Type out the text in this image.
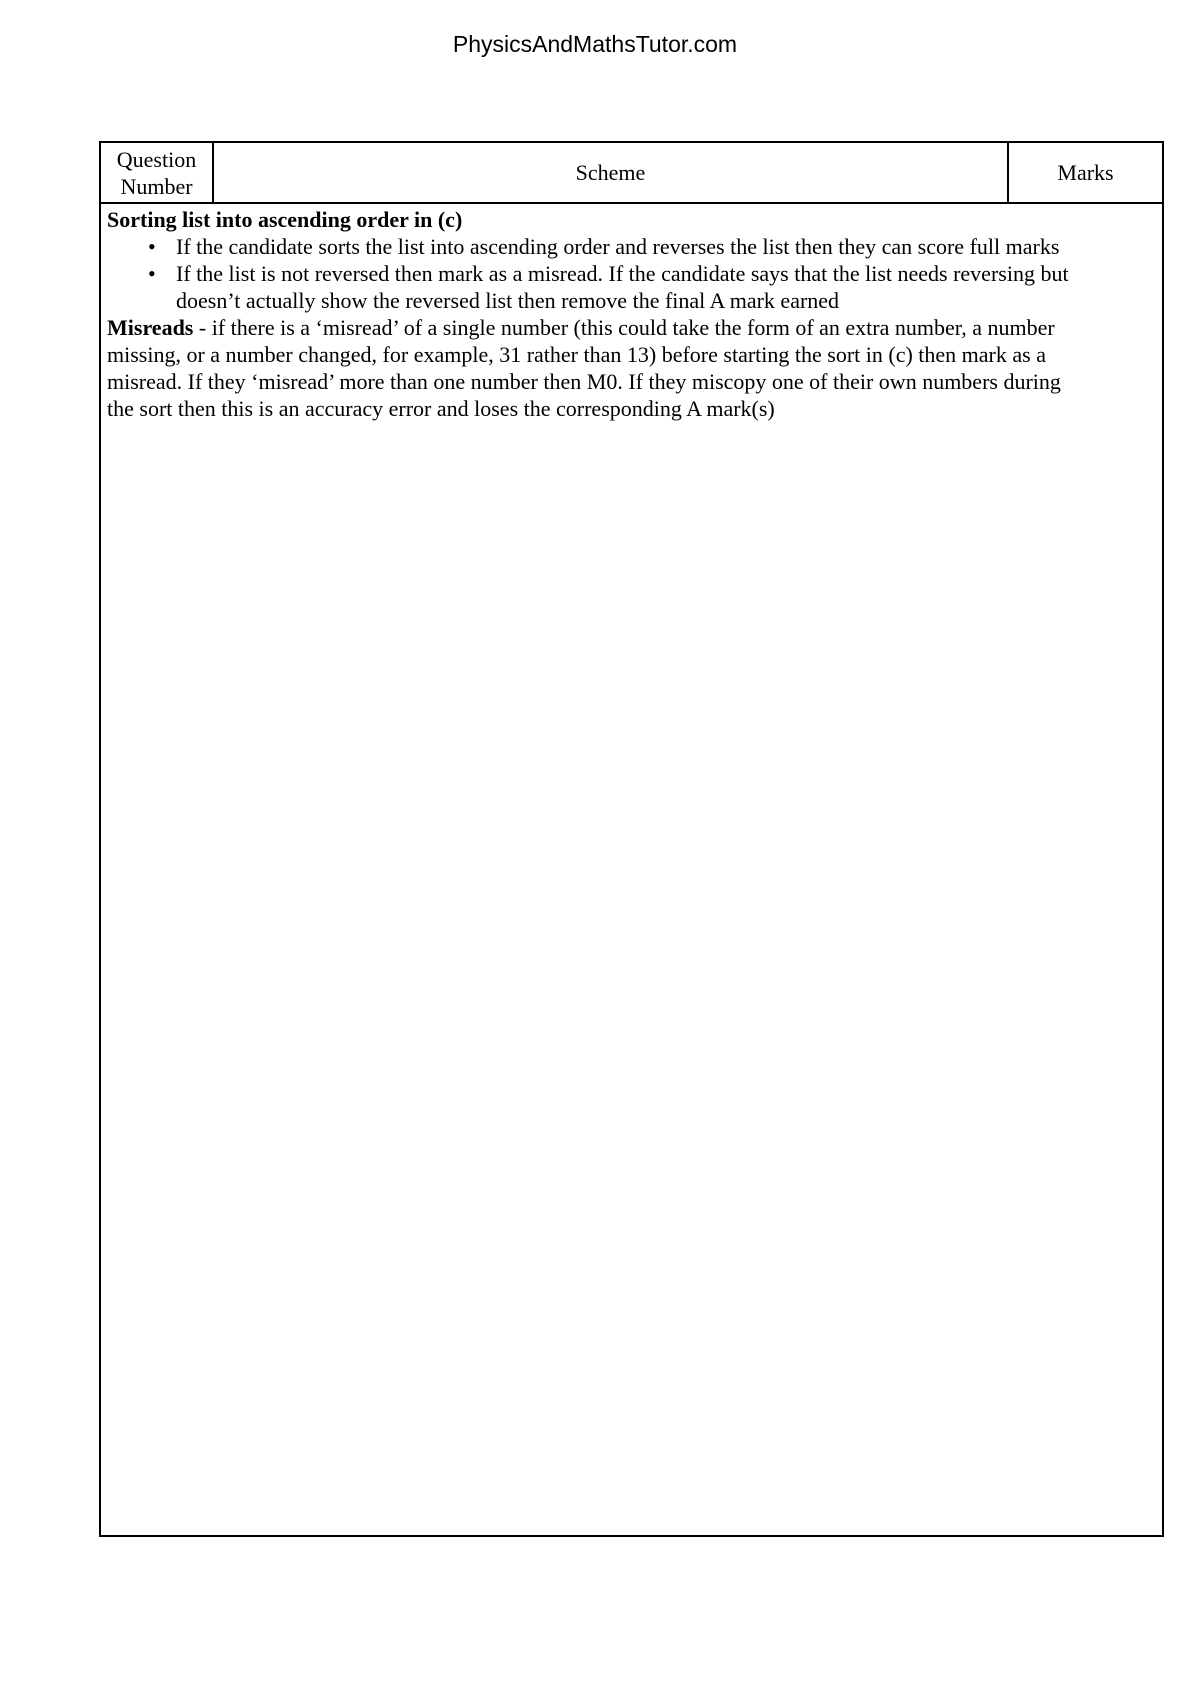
PhysicsAndMathsTutor.com
Question Number	Scheme	Marks

Sorting list into ascending order in (c)
• If the candidate sorts the list into ascending order and reverses the list then they can score full marks
• If the list is not reversed then mark as a misread. If the candidate says that the list needs reversing but doesn’t actually show the reversed list then remove the final A mark earned

Misreads - if there is a ‘misread’ of a single number (this could take the form of an extra number, a number missing, or a number changed, for example, 31 rather than 13) before starting the sort in (c) then mark as a misread. If they ‘misread’ more than one number then M0. If they miscopy one of their own numbers during the sort then this is an accuracy error and loses the corresponding A mark(s)
